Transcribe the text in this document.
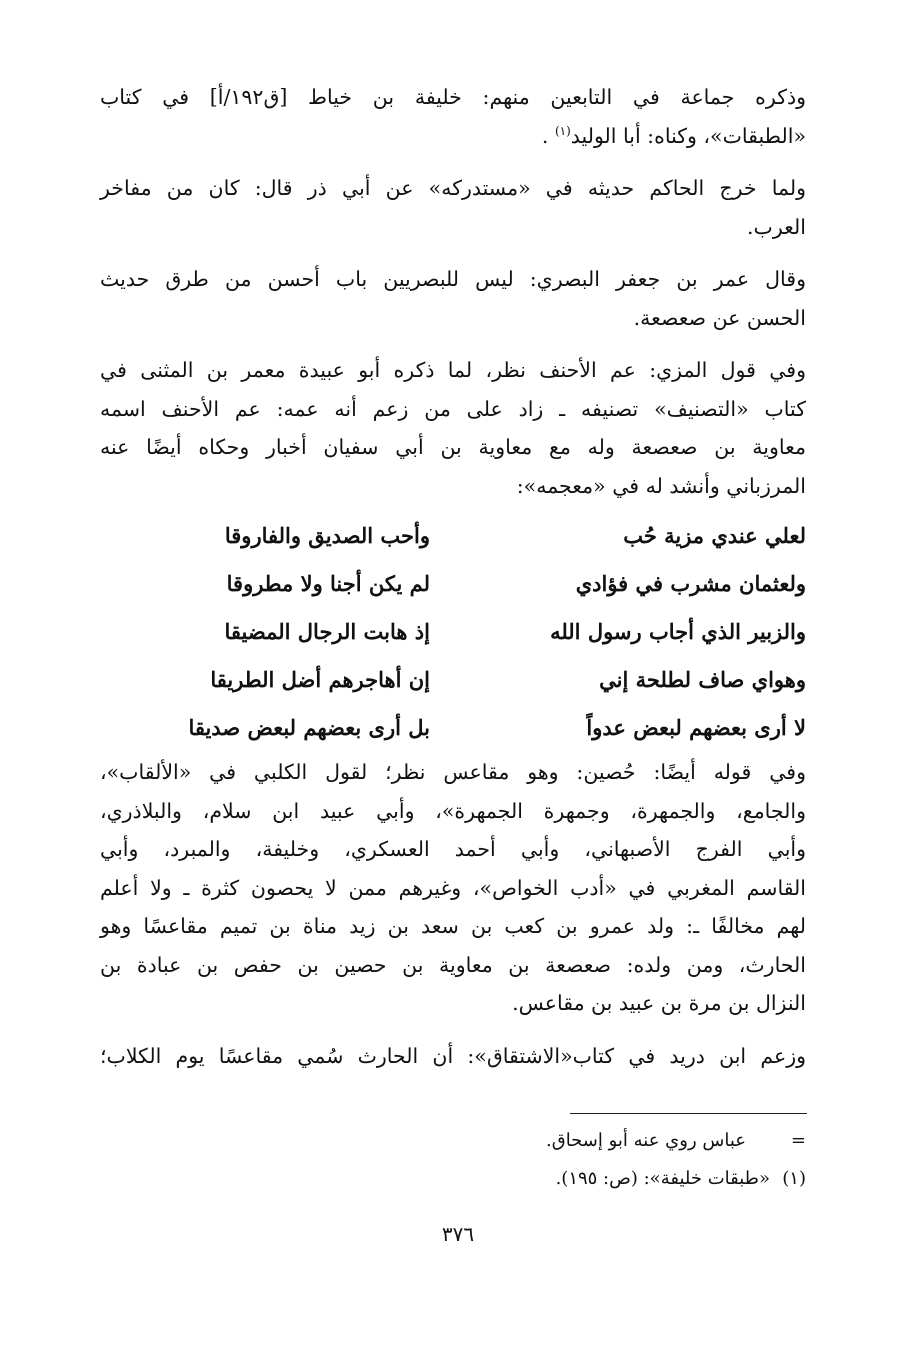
وذكره جماعة في التابعين منهم: خليفة بن خياط [ق١٩٢/أ] في كتاب
«الطبقات»، وكناه: أبا الوليد$^{(١)}$ .

ولما خرج الحاكم حديثه في «مستدركه» عن أبي ذر قال: كان من مفاخر
العرب.

وقال عمر بن جعفر البصري: ليس للبصريين باب أحسن من طرق حديث
الحسن عن صعصعة.

وفي قول المزي: عم الأحنف نظر، لما ذكره أبو عبيدة معمر بن المثنى في
كتاب «التصنيف» تصنيفه ـ زاد على من زعم أنه عمه: عم الأحنف اسمه
معاوية بن صعصعة وله مع معاوية بن أبي سفيان أخبار وحكاه أيضًا عنه
المرزباني وأنشد له في «معجمه»:

لعلي عندي مزية حُب
وأحب الصديق والفاروقا
ولعثمان مشرب في فؤادي
لم يكن أجنا ولا مطروقا
والزبير الذي أجاب رسول الله
إذ هابت الرجال المضيقا
وهواي صاف لطلحة إني
إن أهاجرهم أضل الطريقا
لا أرى بعضهم لبعض عدواً
بل أرى بعضهم لبعض صديقا

وفي قوله أيضًا: حُصين: وهو مقاعس نظر؛ لقول الكلبي في «الألقاب»،
والجامع، والجمهرة، وجمهرة الجمهرة»، وأبي عبيد ابن سلام، والبلاذري،
وأبي الفرج الأصبهاني، وأبي أحمد العسكري، وخليفة، والمبرد، وأبي
القاسم المغربي في «أدب الخواص»، وغيرهم ممن لا يحصون كثرة ـ ولا أعلم
لهم مخالفًا ـ: ولد عمرو بن كعب بن سعد بن زيد مناة بن تميم مقاعسًا وهو
الحارث، ومن ولده: صعصعة بن معاوية بن حصين بن حفص بن عبادة بن
النزال بن مرة بن عبيد بن مقاعس.

وزعم ابن دريد في كتاب«الاشتقاق»: أن الحارث سُمي مقاعسًا يوم الكلاب؛

=
عباس روي عنه أبو إسحاق.
(١)
«طبقات خليفة»: (ص: ١٩٥).
٣٧٦
